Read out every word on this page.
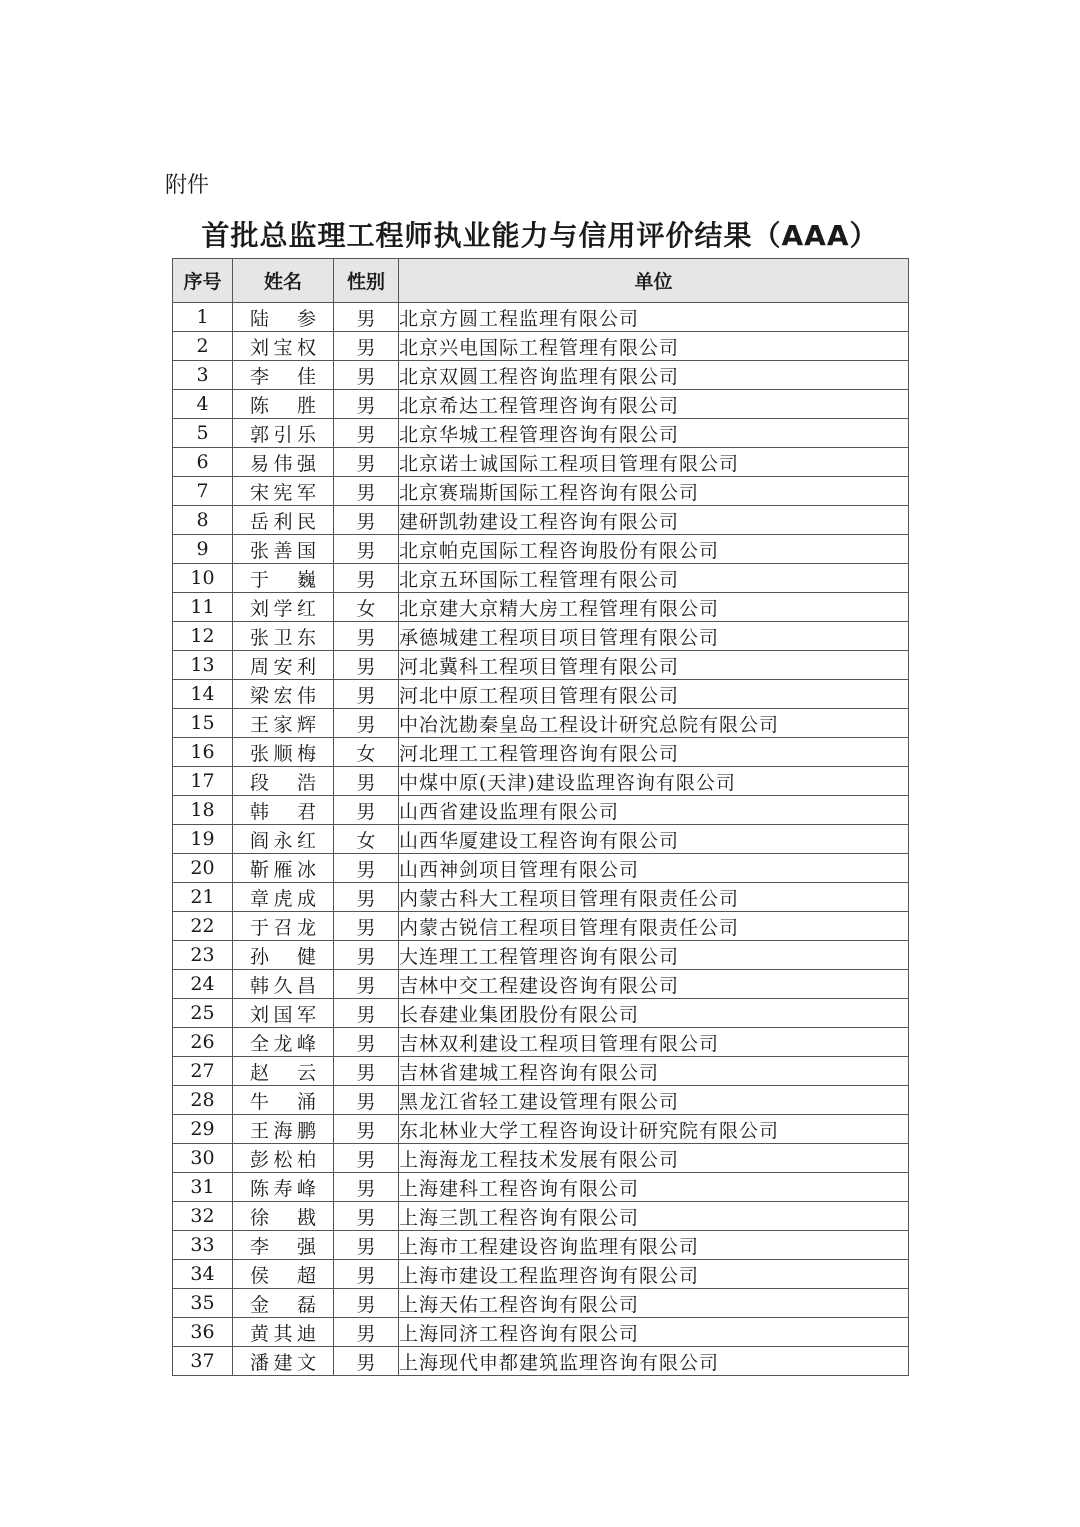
附件
首批总监理工程师执业能力与信用评价结果（AAA）
序号	姓名	性别	单位
1	陆参	男	北京方圆工程监理有限公司
2	刘宝权	男	北京兴电国际工程管理有限公司
3	李佳	男	北京双圆工程咨询监理有限公司
4	陈胜	男	北京希达工程管理咨询有限公司
5	郭引乐	男	北京华城工程管理咨询有限公司
6	易伟强	男	北京诺士诚国际工程项目管理有限公司
7	宋宪军	男	北京赛瑞斯国际工程咨询有限公司
8	岳利民	男	建研凯勃建设工程咨询有限公司
9	张善国	男	北京帕克国际工程咨询股份有限公司
10	于巍	男	北京五环国际工程管理有限公司
11	刘学红	女	北京建大京精大房工程管理有限公司
12	张卫东	男	承德城建工程项目项目管理有限公司
13	周安利	男	河北冀科工程项目管理有限公司
14	梁宏伟	男	河北中原工程项目管理有限公司
15	王家辉	男	中冶沈勘秦皇岛工程设计研究总院有限公司
16	张顺梅	女	河北理工工程管理咨询有限公司
17	段浩	男	中煤中原(天津)建设监理咨询有限公司
18	韩君	男	山西省建设监理有限公司
19	阎永红	女	山西华厦建设工程咨询有限公司
20	靳雁冰	男	山西神剑项目管理有限公司
21	章虎成	男	内蒙古科大工程项目管理有限责任公司
22	于召龙	男	内蒙古锐信工程项目管理有限责任公司
23	孙健	男	大连理工工程管理咨询有限公司
24	韩久昌	男	吉林中交工程建设咨询有限公司
25	刘国军	男	长春建业集团股份有限公司
26	全龙峰	男	吉林双利建设工程项目管理有限公司
27	赵云	男	吉林省建城工程咨询有限公司
28	牛涌	男	黑龙江省轻工建设管理有限公司
29	王海鹏	男	东北林业大学工程咨询设计研究院有限公司
30	彭松柏	男	上海海龙工程技术发展有限公司
31	陈寿峰	男	上海建科工程咨询有限公司
32	徐戡	男	上海三凯工程咨询有限公司
33	李强	男	上海市工程建设咨询监理有限公司
34	侯超	男	上海市建设工程监理咨询有限公司
35	金磊	男	上海天佑工程咨询有限公司
36	黄其迪	男	上海同济工程咨询有限公司
37	潘建文	男	上海现代申都建筑监理咨询有限公司
